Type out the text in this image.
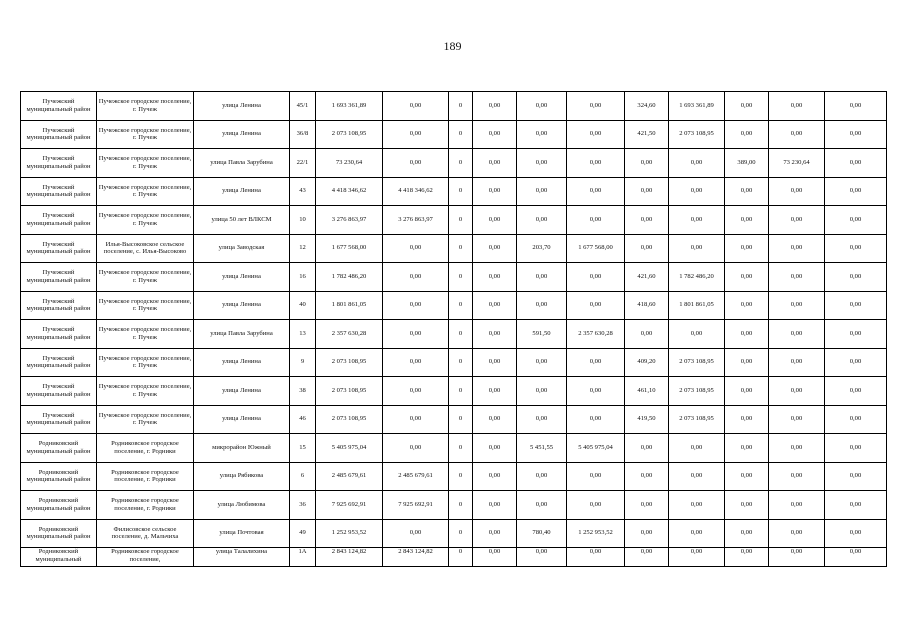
189
Пучежский муниципальный район	Пучежское городское поселение, г. Пучеж	улица Ленина	45/1	1 693 361,89	0,00	0	0,00	0,00	0,00	324,60	1 693 361,89	0,00	0,00	0,00
Пучежский муниципальный район	Пучежское городское поселение, г. Пучеж	улица Ленина	36/8	2 073 108,95	0,00	0	0,00	0,00	0,00	421,50	2 073 108,95	0,00	0,00	0,00
Пучежский муниципальный район	Пучежское городское поселение, г. Пучеж	улица Павла Зарубина	22/1	73 230,64	0,00	0	0,00	0,00	0,00	0,00	0,00	389,00	73 230,64	0,00
Пучежский муниципальный район	Пучежское городское поселение, г. Пучеж	улица Ленина	43	4 418 346,62	4 418 346,62	0	0,00	0,00	0,00	0,00	0,00	0,00	0,00	0,00
Пучежский муниципальный район	Пучежское городское поселение, г. Пучеж	улица 50 лет ВЛКСМ	10	3 276 863,97	3 276 863,97	0	0,00	0,00	0,00	0,00	0,00	0,00	0,00	0,00
Пучежский муниципальный район	Илья-Высоковское сельское поселение, с. Илья-Высоково	улица Заводская	12	1 677 568,00	0,00	0	0,00	203,70	1 677 568,00	0,00	0,00	0,00	0,00	0,00
Пучежский муниципальный район	Пучежское городское поселение, г. Пучеж	улица Ленина	16	1 782 486,20	0,00	0	0,00	0,00	0,00	421,60	1 782 486,20	0,00	0,00	0,00
Пучежский муниципальный район	Пучежское городское поселение, г. Пучеж	улица Ленина	40	1 801 861,05	0,00	0	0,00	0,00	0,00	418,60	1 801 861,05	0,00	0,00	0,00
Пучежский муниципальный район	Пучежское городское поселение, г. Пучеж	улица Павла Зарубина	13	2 357 630,28	0,00	0	0,00	591,50	2 357 630,28	0,00	0,00	0,00	0,00	0,00
Пучежский муниципальный район	Пучежское городское поселение, г. Пучеж	улица Ленина	9	2 073 108,95	0,00	0	0,00	0,00	0,00	409,20	2 073 108,95	0,00	0,00	0,00
Пучежский муниципальный район	Пучежское городское поселение, г. Пучеж	улица Ленина	38	2 073 108,95	0,00	0	0,00	0,00	0,00	461,10	2 073 108,95	0,00	0,00	0,00
Пучежский муниципальный район	Пучежское городское поселение, г. Пучеж	улица Ленина	46	2 073 108,95	0,00	0	0,00	0,00	0,00	419,50	2 073 108,95	0,00	0,00	0,00
Родниковский муниципальный район	Родниковское городское поселение, г. Родники	микрорайон Южный	15	5 405 975,04	0,00	0	0,00	5 451,55	5 405 975,04	0,00	0,00	0,00	0,00	0,00
Родниковский муниципальный район	Родниковское городское поселение, г. Родники	улица Рябикова	6	2 485 679,61	2 485 679,61	0	0,00	0,00	0,00	0,00	0,00	0,00	0,00	0,00
Родниковский муниципальный район	Родниковское городское поселение, г. Родники	улица Любимова	36	7 925 692,91	7 925 692,91	0	0,00	0,00	0,00	0,00	0,00	0,00	0,00	0,00
Родниковский муниципальный район	Филисовское сельское поселение, д. Мальчиха	улица Почтовая	49	1 252 953,52	0,00	0	0,00	780,40	1 252 953,52	0,00	0,00	0,00	0,00	0,00
Родниковский муниципальный	Родниковское городское поселение,	улица Талалихина	1А	2 843 124,82	2 843 124,82	0	0,00	0,00	0,00	0,00	0,00	0,00	0,00	0,00
